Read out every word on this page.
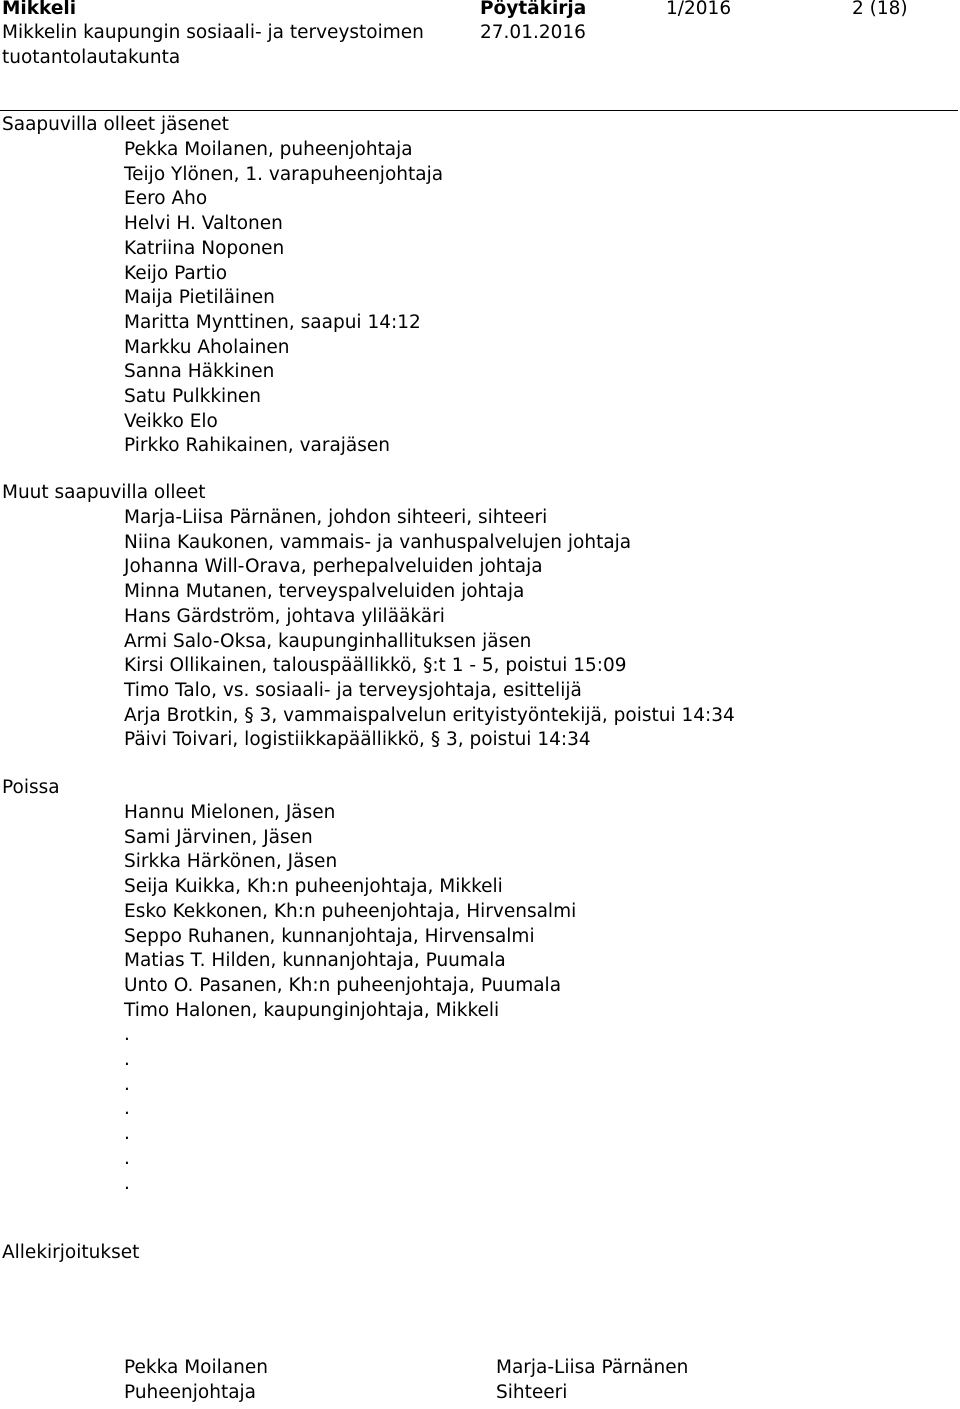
Mikkeli
Mikkelin kaupungin sosiaali- ja terveystoimen
tuotantolautakunta
Pöytäkirja
27.01.2016
1/2016	2 (18)
Saapuvilla olleet jäsenet
Pekka Moilanen, puheenjohtaja
Teijo Ylönen, 1. varapuheenjohtaja
Eero Aho
Helvi H. Valtonen
Katriina Noponen
Keijo Partio
Maija Pietiläinen
Maritta Mynttinen, saapui 14:12
Markku Aholainen
Sanna Häkkinen
Satu Pulkkinen
Veikko Elo
Pirkko Rahikainen, varajäsen
Muut saapuvilla olleet
Marja-Liisa Pärnänen, johdon sihteeri, sihteeri
Niina Kaukonen, vammais- ja vanhuspalvelujen johtaja
Johanna Will-Orava, perhepalveluiden johtaja
Minna Mutanen, terveyspalveluiden johtaja
Hans Gärdström, johtava ylilääkäri
Armi Salo-Oksa, kaupunginhallituksen jäsen
Kirsi Ollikainen, talouspäällikkö, §:t 1 - 5, poistui 15:09
Timo Talo, vs. sosiaali- ja terveysjohtaja, esittelijä
Arja Brotkin, § 3, vammaispalvelun erityistyöntekijä, poistui 14:34
Päivi Toivari, logistiikkapäällikkö, § 3, poistui 14:34
Poissa
Hannu Mielonen, Jäsen
Sami Järvinen, Jäsen
Sirkka Härkönen, Jäsen
Seija Kuikka, Kh:n puheenjohtaja, Mikkeli
Esko Kekkonen, Kh:n puheenjohtaja, Hirvensalmi
Seppo Ruhanen, kunnanjohtaja, Hirvensalmi
Matias T. Hilden, kunnanjohtaja, Puumala
Unto O. Pasanen, Kh:n puheenjohtaja, Puumala
Timo Halonen, kaupunginjohtaja, Mikkeli
.
.
.
.
.
.
.
Allekirjoitukset
Pekka Moilanen
Puheenjohtaja
Marja-Liisa Pärnänen
Sihteeri
